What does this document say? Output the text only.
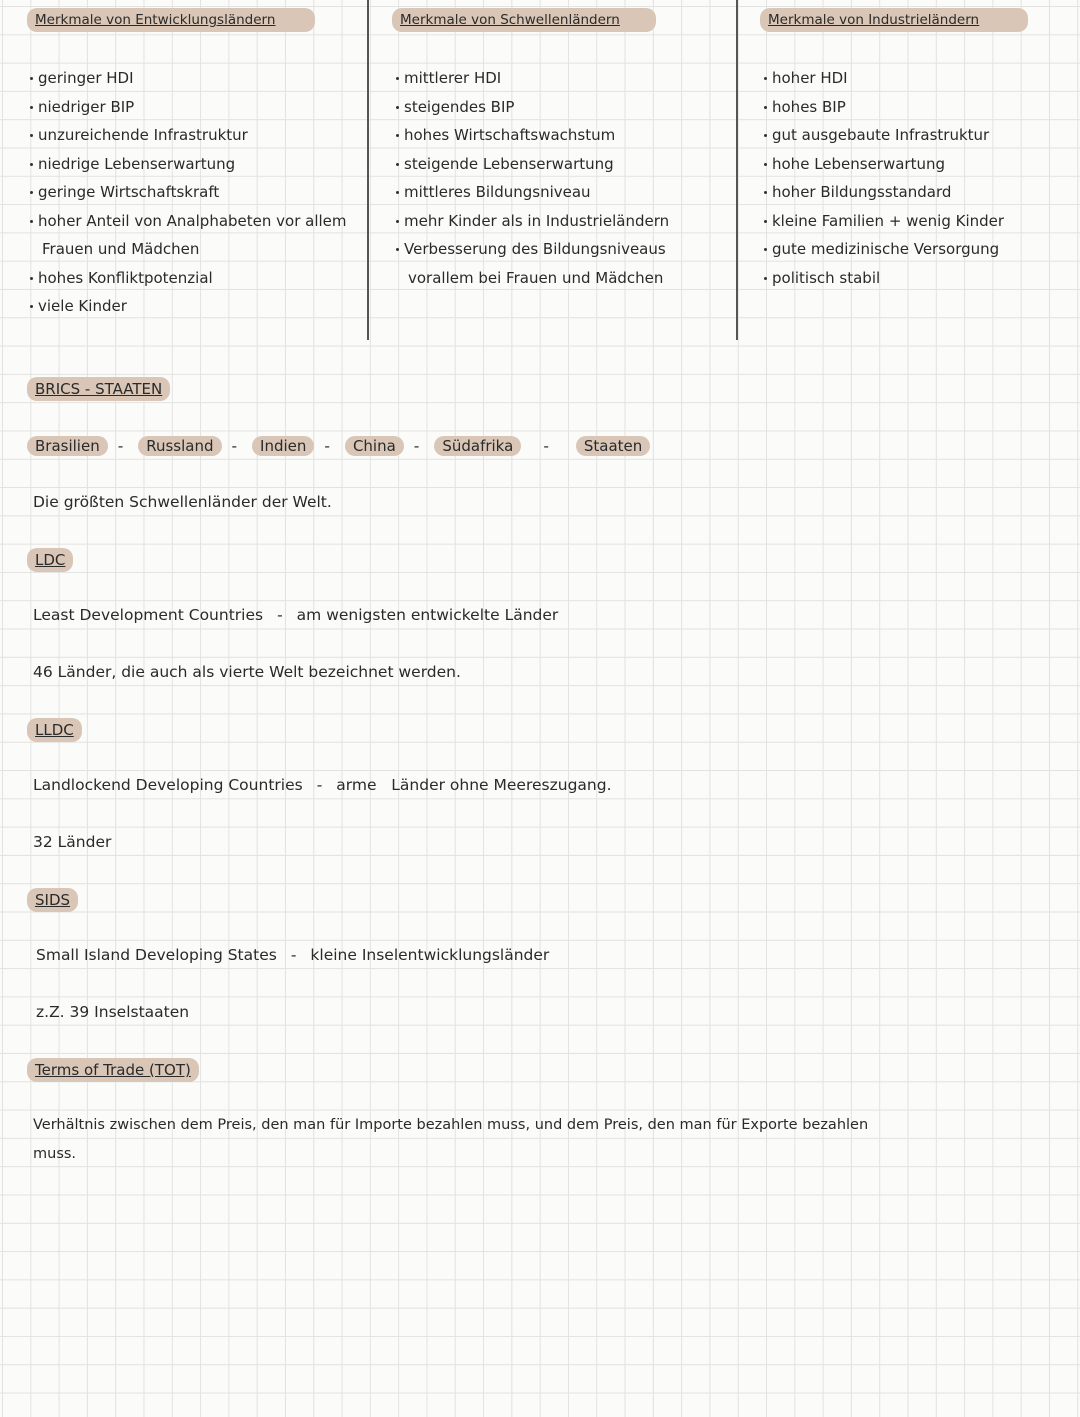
Merkmale von Entwicklungsländern	Merkmale von Schwellenländern	Merkmale von Industrieländern
geringer HDI
niedriger BIP
unzureichende Infrastruktur
niedrige Lebenserwartung
geringe Wirtschaftskraft
hoher Anteil von Analphabeten vor allem
Frauen und Mädchen
hohes Konfliktpotenzial
viele Kinder
mittlerer HDI
steigendes BIP
hohes Wirtschaftswachstum
steigende Lebenserwartung
mittleres Bildungsniveau
mehr Kinder als in Industrieländern
Verbesserung des Bildungsniveaus
vorallem bei Frauen und Mädchen
hoher HDI
hohes BIP
gut ausgebaute Infrastruktur
hohe Lebenserwartung
hoher Bildungsstandard
kleine Familien + wenig Kinder
gute medizinische Versorgung
politisch stabil
BRICS - STAATEN
Brasilien - Russland - Indien - China - Südafrika - Staaten
Die größten Schwellenländer der Welt.
LDC
Least Development Countries - am wenigsten entwickelte Länder
46 Länder, die auch als vierte Welt bezeichnet werden.
LLDC
Landlockend Developing Countries - arme Länder ohne Meereszugang.
32 Länder
SIDS
Small Island Developing States - kleine Inselentwicklungsländer
z.Z. 39 Inselstaaten
Terms of Trade (TOT)
Verhältnis zwischen dem Preis, den man für Importe bezahlen muss, und dem Preis, den man für Exporte bezahlen
muss.
